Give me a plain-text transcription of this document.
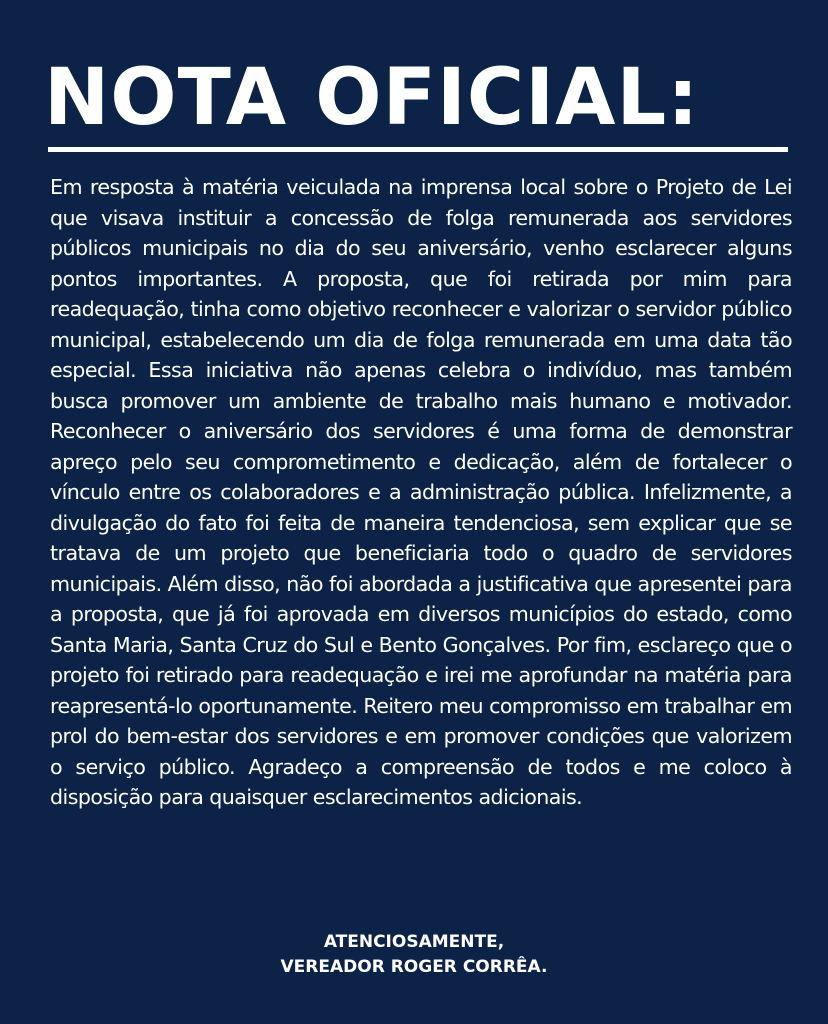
NOTA OFICIAL:

Em resposta à matéria veiculada na imprensa local sobre o Projeto de Lei que visava instituir a concessão de folga remunerada aos servidores públicos municipais no dia do seu aniversário, venho esclarecer alguns pontos importantes. A proposta, que foi retirada por mim para readequação, tinha como objetivo reconhecer e valorizar o servidor público municipal, estabelecendo um dia de folga remunerada em uma data tão especial. Essa iniciativa não apenas celebra o indivíduo, mas também busca promover um ambiente de trabalho mais humano e motivador. Reconhecer o aniversário dos servidores é uma forma de demonstrar apreço pelo seu comprometimento e dedicação, além de fortalecer o vínculo entre os colaboradores e a administração pública. Infelizmente, a divulgação do fato foi feita de maneira tendenciosa, sem explicar que se tratava de um projeto que beneficiaria todo o quadro de servidores municipais. Além disso, não foi abordada a justificativa que apresentei para a proposta, que já foi aprovada em diversos municípios do estado, como Santa Maria, Santa Cruz do Sul e Bento Gonçalves. Por fim, esclareço que o projeto foi retirado para readequação e irei me aprofundar na matéria para reapresentá-lo oportunamente. Reitero meu compromisso em trabalhar em prol do bem-estar dos servidores e em promover condições que valorizem o serviço público. Agradeço a compreensão de todos e me coloco à disposição para quaisquer esclarecimentos adicionais.

ATENCIOSAMENTE,
VEREADOR ROGER CORRÊA.
